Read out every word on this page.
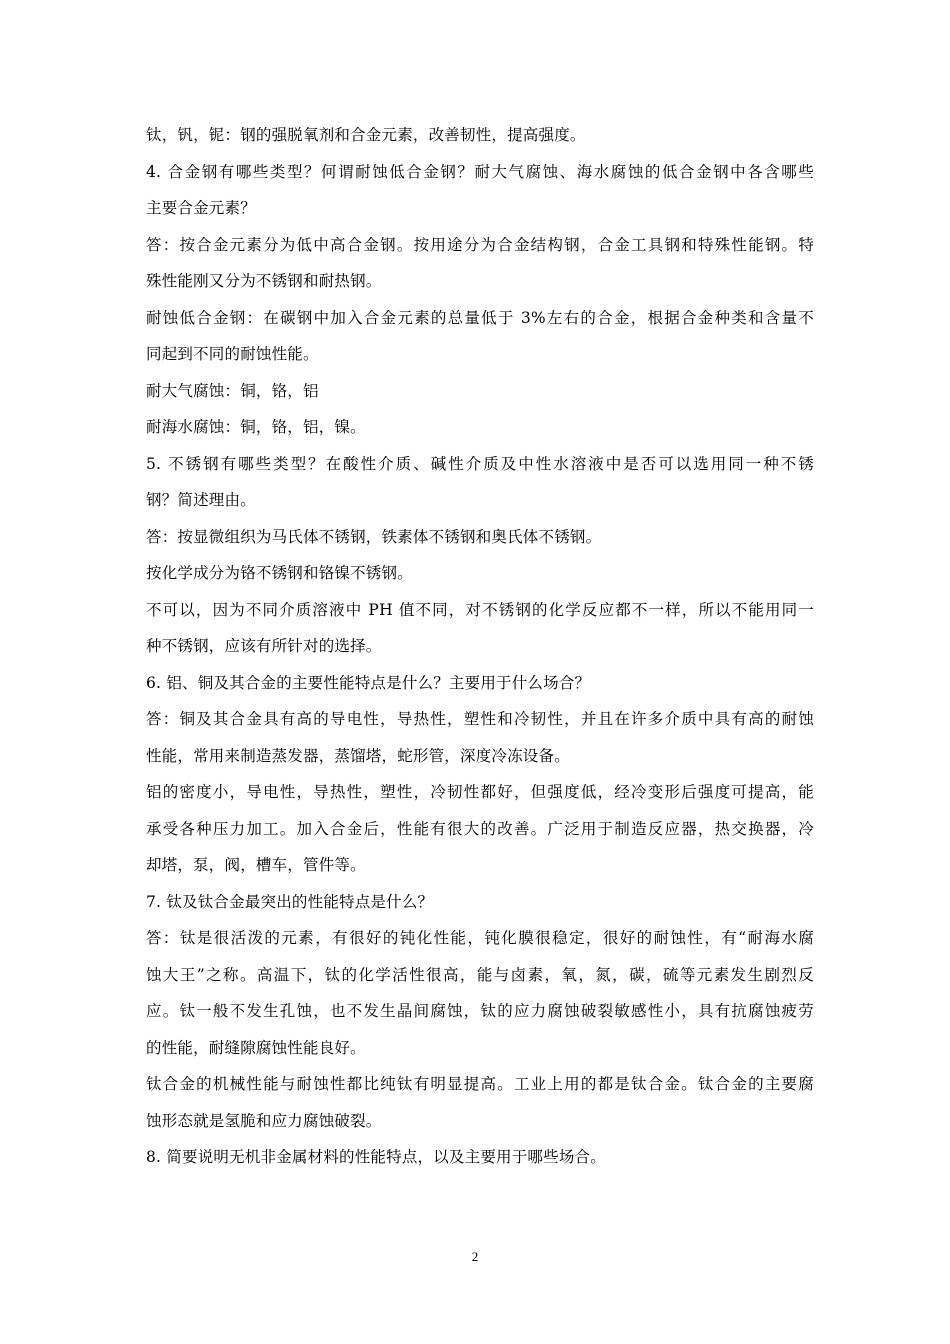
钛，钒，铌：钢的强脱氧剂和合金元素，改善韧性，提高强度。
4. 合金钢有哪些类型？何谓耐蚀低合金钢？耐大气腐蚀、海水腐蚀的低合金钢中各含哪些
主要合金元素？
答：按合金元素分为低中高合金钢。按用途分为合金结构钢，合金工具钢和特殊性能钢。特
殊性能刚又分为不锈钢和耐热钢。
耐蚀低合金钢：在碳钢中加入合金元素的总量低于 3%左右的合金，根据合金种类和含量不
同起到不同的耐蚀性能。
耐大气腐蚀：铜，铬，铝
耐海水腐蚀：铜，铬，铝，镍。
5. 不锈钢有哪些类型？在酸性介质、碱性介质及中性水溶液中是否可以选用同一种不锈
钢？简述理由。
答：按显微组织为马氏体不锈钢，铁素体不锈钢和奥氏体不锈钢。
按化学成分为铬不锈钢和铬镍不锈钢。
不可以，因为不同介质溶液中 PH 值不同，对不锈钢的化学反应都不一样，所以不能用同一
种不锈钢，应该有所针对的选择。
6. 铝、铜及其合金的主要性能特点是什么？主要用于什么场合？
答：铜及其合金具有高的导电性，导热性，塑性和冷韧性，并且在许多介质中具有高的耐蚀
性能，常用来制造蒸发器，蒸馏塔，蛇形管，深度冷冻设备。
铝的密度小，导电性，导热性，塑性，冷韧性都好，但强度低，经冷变形后强度可提高，能
承受各种压力加工。加入合金后，性能有很大的改善。广泛用于制造反应器，热交换器，冷
却塔，泵，阀，槽车，管件等。
7. 钛及钛合金最突出的性能特点是什么？
答：钛是很活泼的元素，有很好的钝化性能，钝化膜很稳定，很好的耐蚀性，有“耐海水腐
蚀大王”之称。高温下，钛的化学活性很高，能与卤素，氧，氮，碳，硫等元素发生剧烈反
应。钛一般不发生孔蚀，也不发生晶间腐蚀，钛的应力腐蚀破裂敏感性小，具有抗腐蚀疲劳
的性能，耐缝隙腐蚀性能良好。
钛合金的机械性能与耐蚀性都比纯钛有明显提高。工业上用的都是钛合金。钛合金的主要腐
蚀形态就是氢脆和应力腐蚀破裂。
8. 简要说明无机非金属材料的性能特点，以及主要用于哪些场合。
2
